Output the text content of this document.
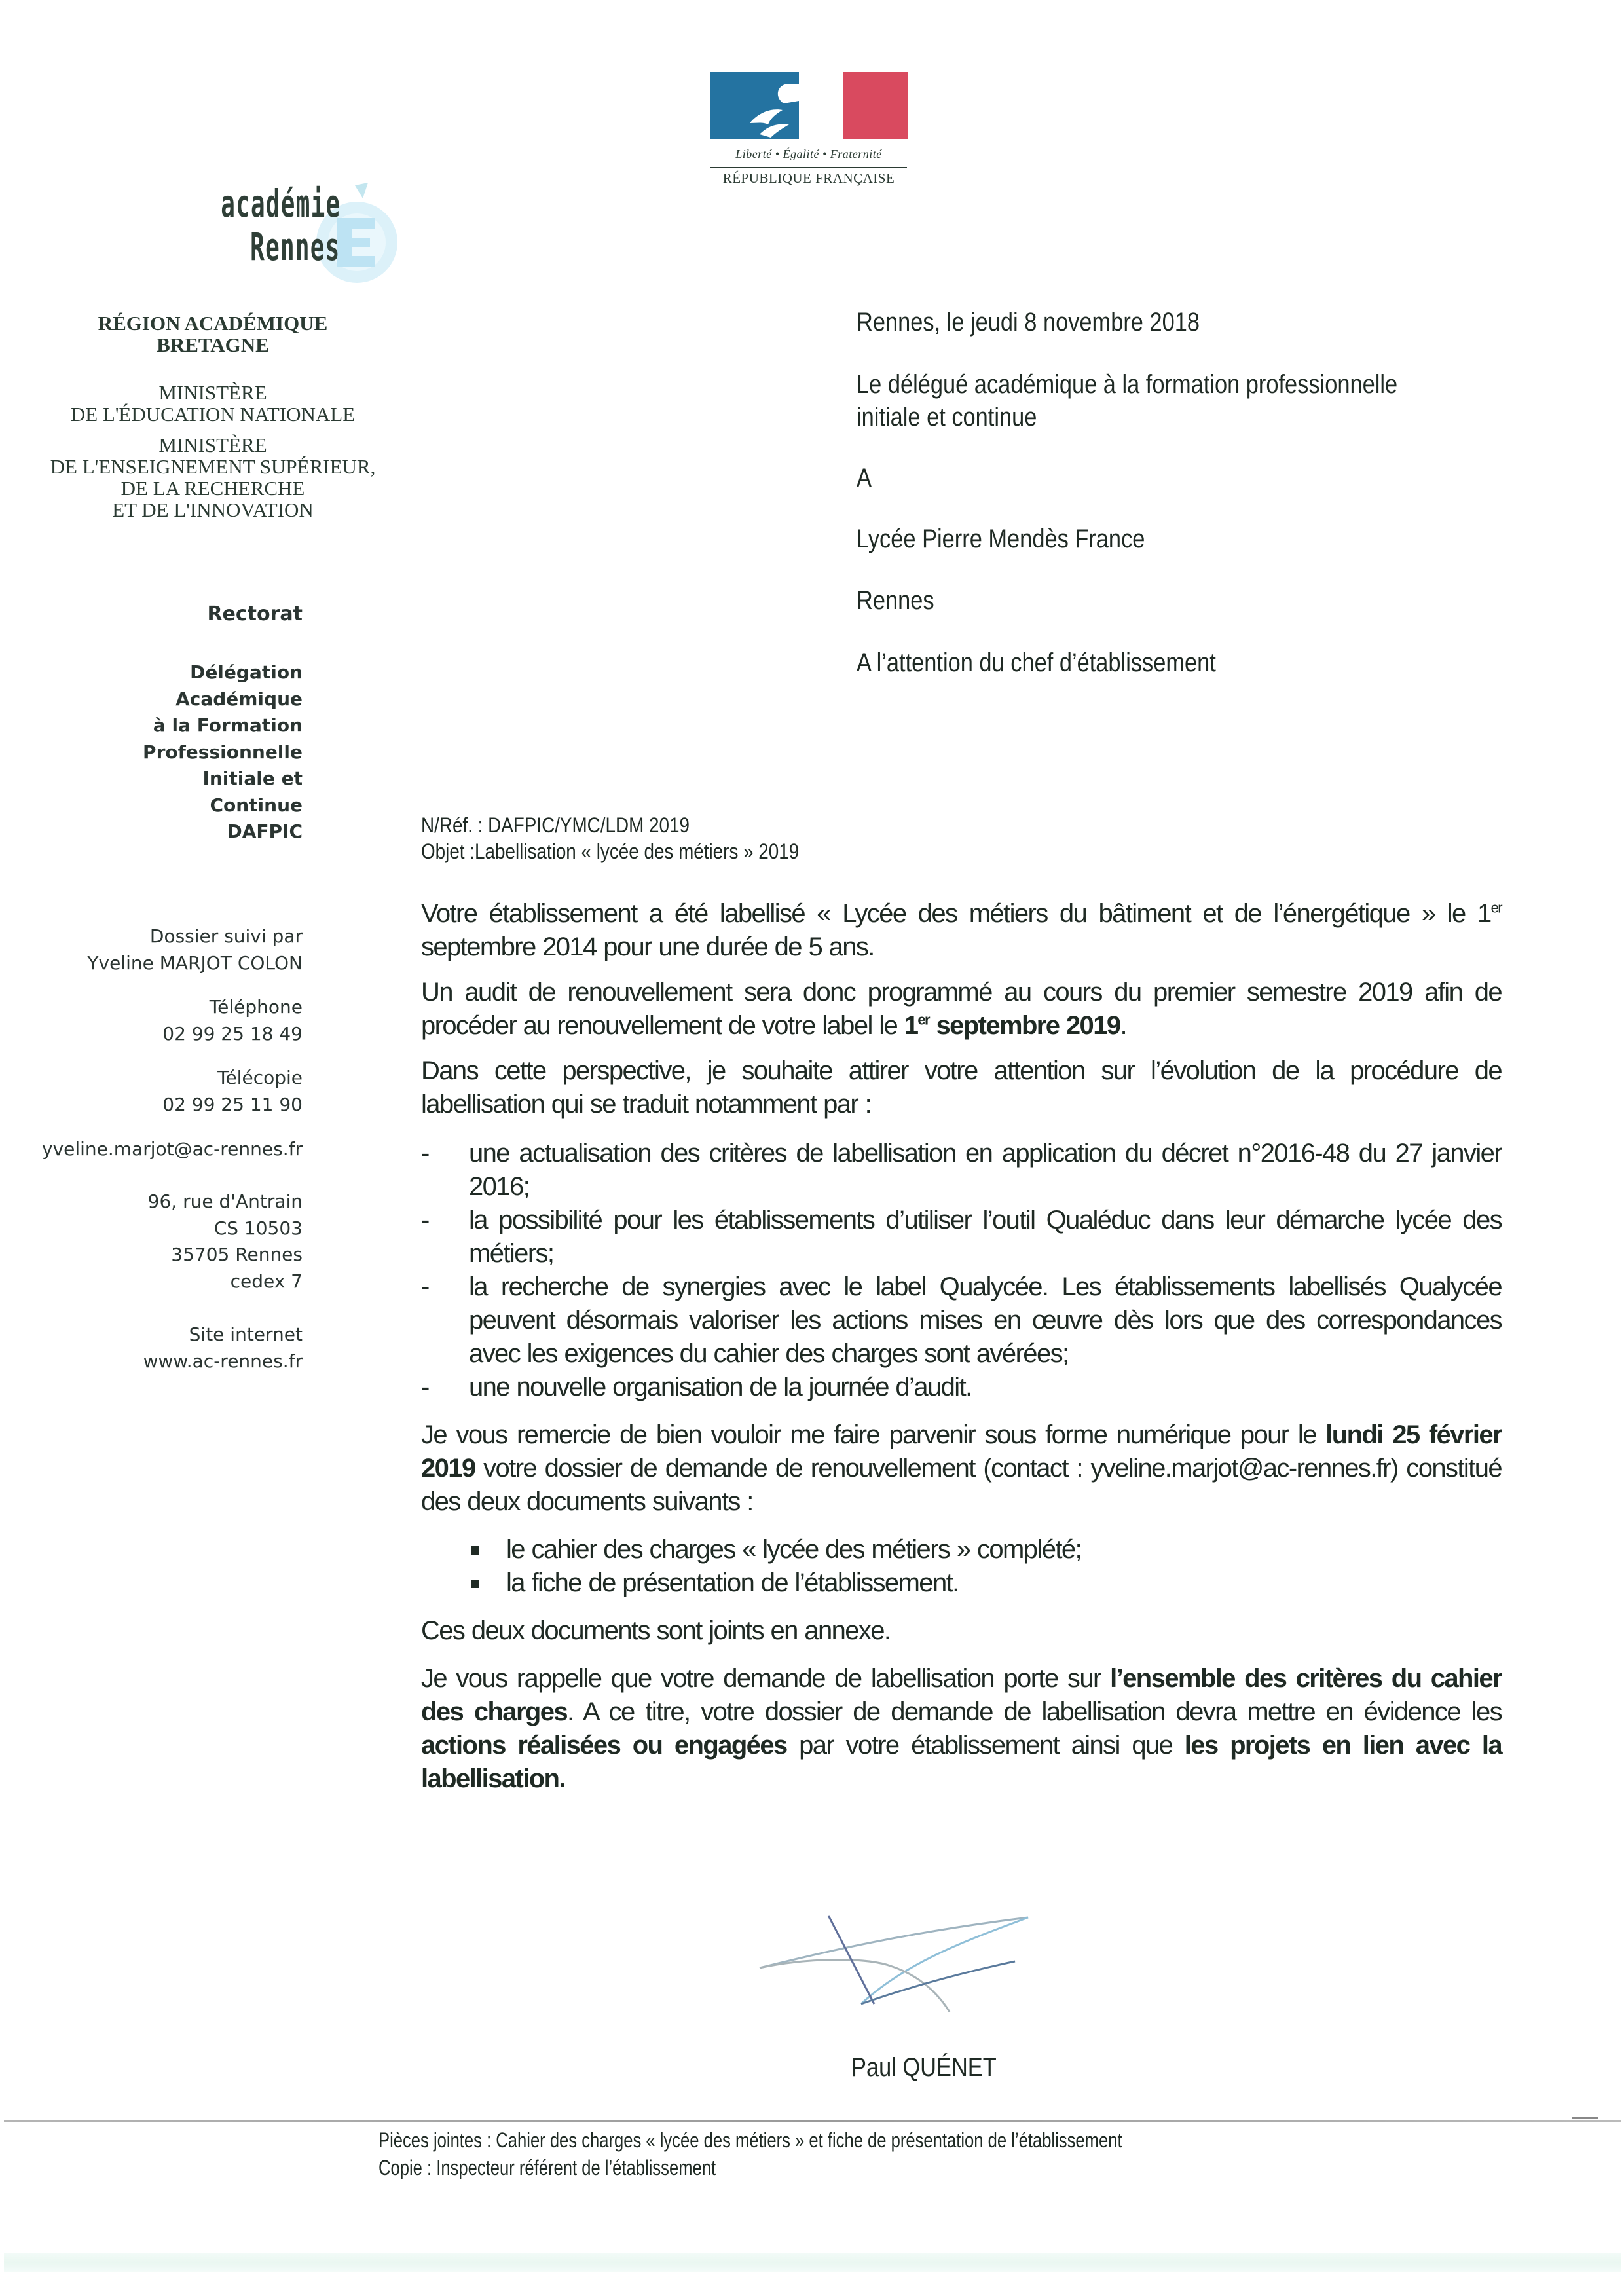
Liberté • Égalité • Fraternité
RÉPUBLIQUE FRANÇAISE
académie
Rennes
RÉGION ACADÉMIQUE
BRETAGNE
MINISTÈRE
DE L'ÉDUCATION NATIONALE
MINISTÈRE
DE L'ENSEIGNEMENT SUPÉRIEUR,
DE LA RECHERCHE
ET DE L'INNOVATION
Rectorat
Délégation
Académique
à la Formation
Professionnelle
Initiale et
Continue
DAFPIC
Dossier suivi par
Yveline MARJOT COLON
Téléphone
02 99 25 18 49
Télécopie
02 99 25 11 90
yveline.marjot@ac-rennes.fr
96, rue d'Antrain
CS 10503
35705 Rennes
cedex 7
Site internet
www.ac-rennes.fr
Rennes, le jeudi 8 novembre 2018
Le délégué académique à la formation professionnelle
initiale et continue
A
Lycée Pierre Mendès France
Rennes
A l’attention du chef d’établissement
N/Réf. : DAFPIC/YMC/LDM 2019
Objet :Labellisation « lycée des métiers » 2019

Votre établissement a été labellisé « Lycée des métiers du bâtiment et de l’énergétique » le 1er septembre 2014 pour une durée de 5 ans.

Un audit de renouvellement sera donc programmé au cours du premier semestre 2019 afin de procéder au renouvellement de votre label le 1er septembre 2019.

Dans cette perspective, je souhaite attirer votre attention sur l’évolution de la procédure de labellisation qui se traduit notamment par :

- une actualisation des critères de labellisation en application du décret n°2016-48 du 27 janvier 2016;
- la possibilité pour les établissements d’utiliser l’outil Qualéduc dans leur démarche lycée des métiers;
- la recherche de synergies avec le label Qualycée. Les établissements labellisés Qualycée peuvent désormais valoriser les actions mises en œuvre dès lors que des correspondances avec les exigences du cahier des charges sont avérées;
- une nouvelle organisation de la journée d’audit.

Je vous remercie de bien vouloir me faire parvenir sous forme numérique pour le lundi 25 février 2019 votre dossier de demande de renouvellement (contact : yveline.marjot@ac-rennes.fr) constitué des deux documents suivants :

le cahier des charges « lycée des métiers » complété;
la fiche de présentation de l’établissement.

Ces deux documents sont joints en annexe.

Je vous rappelle que votre demande de labellisation porte sur l’ensemble des critères du cahier des charges. A ce titre, votre dossier de demande de labellisation devra mettre en évidence les actions réalisées ou engagées par votre établissement ainsi que les projets en lien avec la labellisation.

Paul QUÉNET
Pièces jointes : Cahier des charges « lycée des métiers » et fiche de présentation de l’établissement
Copie : Inspecteur référent de l’établissement
